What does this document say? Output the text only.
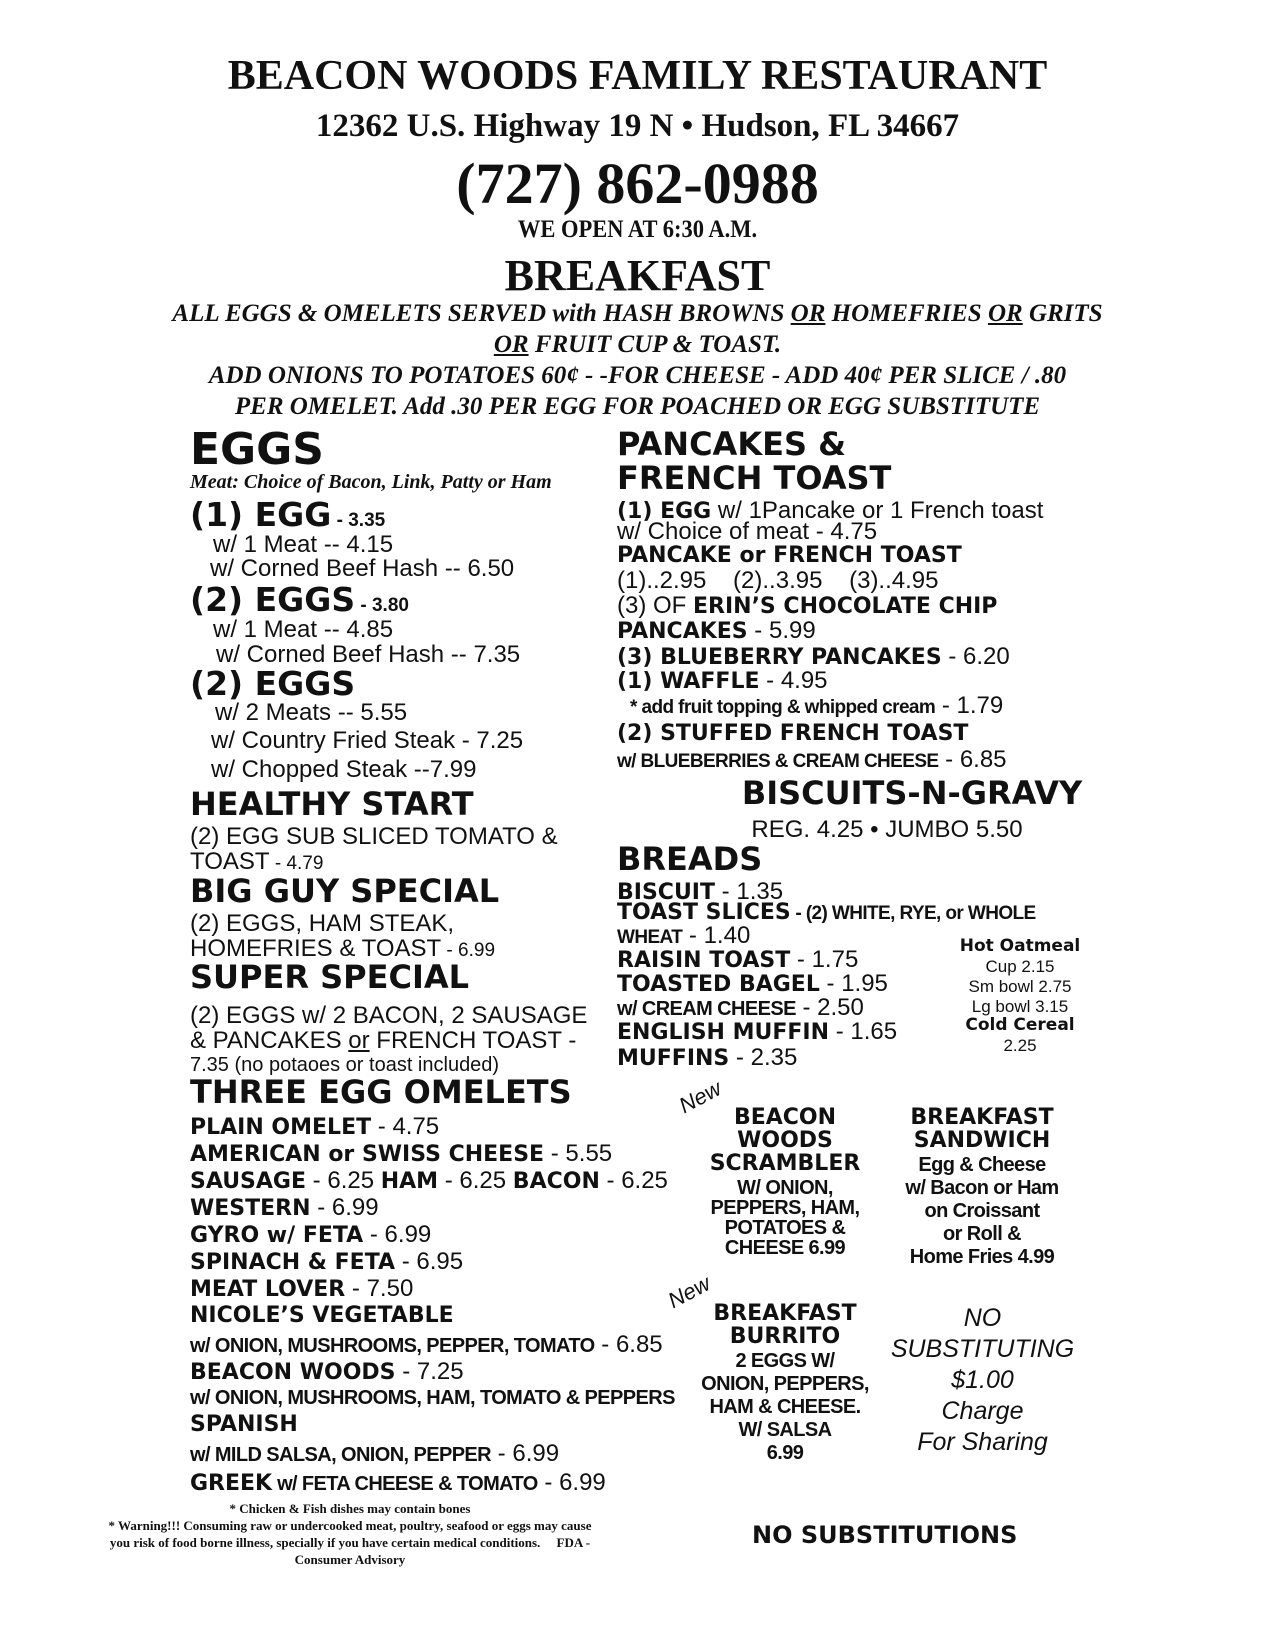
BEACON WOODS FAMILY RESTAURANT
12362 U.S. Highway 19 N • Hudson, FL 34667
(727) 862-0988
WE OPEN AT 6:30 A.M.
BREAKFAST
ALL EGGS & OMELETS SERVED with HASH BROWNS OR HOMEFRIES OR GRITS
OR FRUIT CUP & TOAST.
ADD ONIONS TO POTATOES 60¢ - -FOR CHEESE - ADD 40¢ PER SLICE / .80
PER OMELET. Add .30 PER EGG FOR POACHED OR EGG SUBSTITUTE
EGGS
Meat: Choice of Bacon, Link, Patty or Ham
(1) EGG - 3.35
w/ 1 Meat -- 4.15
w/ Corned Beef Hash -- 6.50
(2) EGGS - 3.80
w/ 1 Meat -- 4.85
w/ Corned Beef Hash -- 7.35
(2) EGGS
w/ 2 Meats -- 5.55
w/ Country Fried Steak - 7.25
w/ Chopped Steak --7.99
HEALTHY START
(2) EGG SUB SLICED TOMATO &
TOAST - 4.79
BIG GUY SPECIAL
(2) EGGS, HAM STEAK,
HOMEFRIES & TOAST - 6.99
SUPER SPECIAL
(2) EGGS w/ 2 BACON, 2 SAUSAGE
& PANCAKES or FRENCH TOAST -
7.35 (no potaoes or toast included)
THREE EGG OMELETS
PLAIN OMELET - 4.75
AMERICAN or SWISS CHEESE - 5.55
SAUSAGE - 6.25 HAM - 6.25 BACON - 6.25
WESTERN - 6.99
GYRO w/ FETA - 6.99
SPINACH & FETA - 6.95
MEAT LOVER - 7.50
NICOLE’S VEGETABLE
w/ ONION, MUSHROOMS, PEPPER, TOMATO - 6.85
BEACON WOODS - 7.25
w/ ONION, MUSHROOMS, HAM, TOMATO & PEPPERS
SPANISH
w/ MILD SALSA, ONION, PEPPER - 6.99
GREEK w/ FETA CHEESE & TOMATO - 6.99
* Chicken & Fish dishes may contain bones
* Warning!!! Consuming raw or undercooked meat, poultry, seafood or eggs may cause
you risk of food borne illness, specially if you have certain medical conditions.     FDA -
Consumer Advisory
PANCAKES &
FRENCH TOAST
(1) EGG w/ 1Pancake or 1 French toast
w/ Choice of meat - 4.75
PANCAKE or FRENCH TOAST
(1)..2.95    (2)..3.95    (3)..4.95
(3) OF ERIN’S CHOCOLATE CHIP
PANCAKES - 5.99
(3) BLUEBERRY PANCAKES - 6.20
(1) WAFFLE - 4.95
* add fruit topping & whipped cream - 1.79
(2) STUFFED FRENCH TOAST
w/ BLUEBERRIES & CREAM CHEESE - 6.85
BISCUITS-N-GRAVY
REG. 4.25 • JUMBO 5.50
BREADS
BISCUIT - 1.35
TOAST SLICES - (2) WHITE, RYE, or WHOLE
WHEAT - 1.40
RAISIN TOAST - 1.75
TOASTED BAGEL - 1.95
w/ CREAM CHEESE - 2.50
ENGLISH MUFFIN - 1.65
MUFFINS - 2.35
Hot Oatmeal
Cup 2.15
Sm bowl 2.75
Lg bowl 3.15
Cold Cereal
2.25
New BEACON
WOODS
SCRAMBLER
W/ ONION,
PEPPERS, HAM,
POTATOES &
CHEESE 6.99
BREAKFAST
SANDWICH
Egg & Cheese
w/ Bacon or Ham
on Croissant
or Roll &
Home Fries 4.99
New
BREAKFAST
BURRITO
2 EGGS W/
ONION, PEPPERS,
HAM & CHEESE.
W/ SALSA
6.99
NO
SUBSTITUTING
$1.00
Charge
For Sharing
NO SUBSTITUTIONS
